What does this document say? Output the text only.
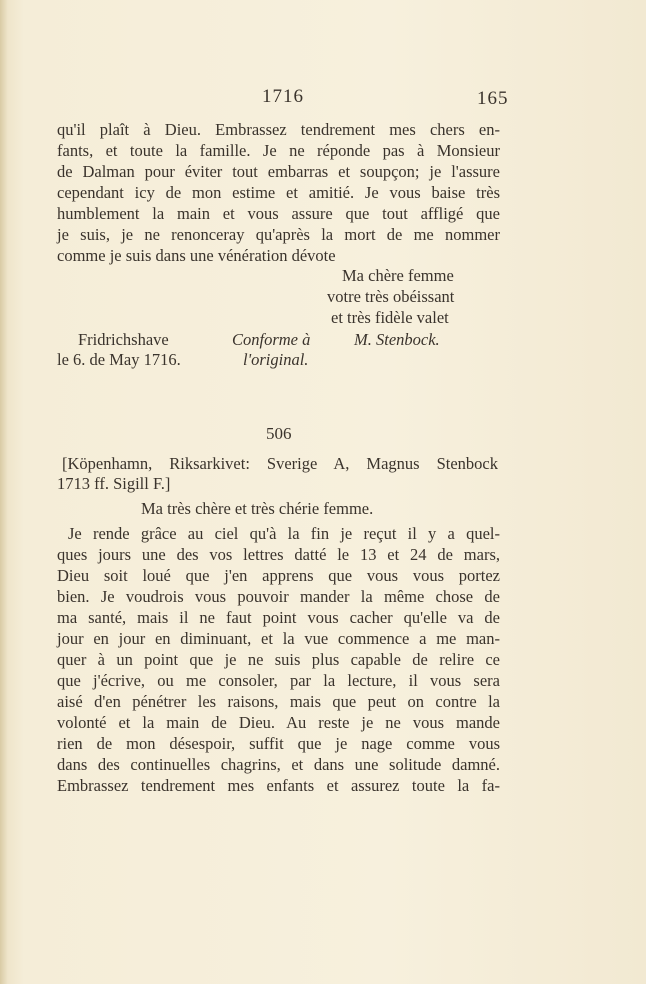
1716	165
qu'il plaît à Dieu. Embrassez tendrement mes chers en-
fants, et toute la famille. Je ne réponde pas à Monsieur
de Dalman pour éviter tout embarras et soupçon; je l'assure
cependant icy de mon estime et amitié. Je vous baise très
humblement la main et vous assure que tout affligé que
je suis, je ne renonceray qu'après la mort de me nommer
comme je suis dans une vénération dévote
Ma chère femme
votre très obéissant
et très fidèle valet
Fridrichshave
le 6. de May 1716.
Conforme à
l'original.
M. Stenbock.
506
[Köpenhamn, Riksarkivet: Sverige A, Magnus Stenbock
1713 ff. Sigill F.]
Ma très chère et très chérie femme.
Je rende grâce au ciel qu'à la fin je reçut il y a quel-
ques jours une des vos lettres datté le 13 et 24 de mars,
Dieu soit loué que j'en apprens que vous vous portez
bien. Je voudrois vous pouvoir mander la même chose de
ma santé, mais il ne faut point vous cacher qu'elle va de
jour en jour en diminuant, et la vue commence a me man-
quer à un point que je ne suis plus capable de relire ce
que j'écrive, ou me consoler, par la lecture, il vous sera
aisé d'en pénétrer les raisons, mais que peut on contre la
volonté et la main de Dieu. Au reste je ne vous mande
rien de mon désespoir, suffit que je nage comme vous
dans des continuelles chagrins, et dans une solitude damné.
Embrassez tendrement mes enfants et assurez toute la fa-
